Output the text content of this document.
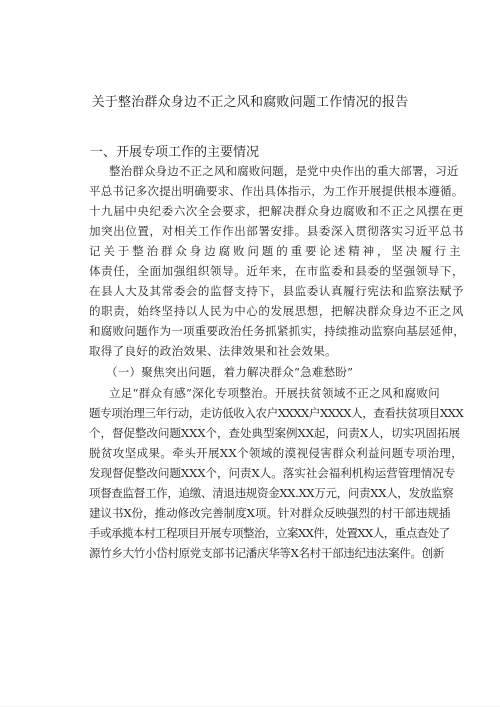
关于整治群众身边不正之风和腐败问题工作情况的报告
一、开展专项工作的主要情况
整治群众身边不正之风和腐败问题，是党中央作出的重大部署，习近
平总书记多次提出明确要求、作出具体指示，为工作开展提供根本遵循。
十九届中央纪委六次全会要求，把解决群众身边腐败和不正之风摆在更
加突出位置，对相关工作作出部署安排。县委深入贯彻落实习近平总书
记关于整治群众身边腐败问题的重要论述精神，坚决履行主
体责任，全面加强组织领导。近年来，在市监委和县委的坚强领导下，
在县人大及其常委会的监督支持下，县监委认真履行宪法和监察法赋予
的职责，始终坚持以人民为中心的发展思想，把解决群众身边不正之风
和腐败问题作为一项重要政治任务抓紧抓实，持续推动监察向基层延伸，
取得了良好的政治效果、法律效果和社会效果。
（一）聚焦突出问题，着力解决群众“急难愁盼”
立足“群众有感”深化专项整治。开展扶贫领域不正之风和腐败问
题专项治理三年行动，走访低收入农户XXXX户XXXX人，查看扶贫项目XXX
个，督促整改问题XXX个，查处典型案例XX起，问责X人，切实巩固拓展
脱贫攻坚成果。牵头开展XX个领域的漠视侵害群众利益问题专项治理，
发现督促整改问题XXX个，问责X人。落实社会福利机构运营管理情况专
项督查监督工作，追缴、清退违规资金XX.XX万元，问责XX人，发放监察
建议书X份，推动修改完善制度X项。针对群众反映强烈的村干部违规插
手或承揽本村工程项目开展专项整治，立案XX件，处置XX人，重点查处了
源竹乡大竹小岱村原党支部书记潘庆华等X名村干部违纪违法案件。创新
